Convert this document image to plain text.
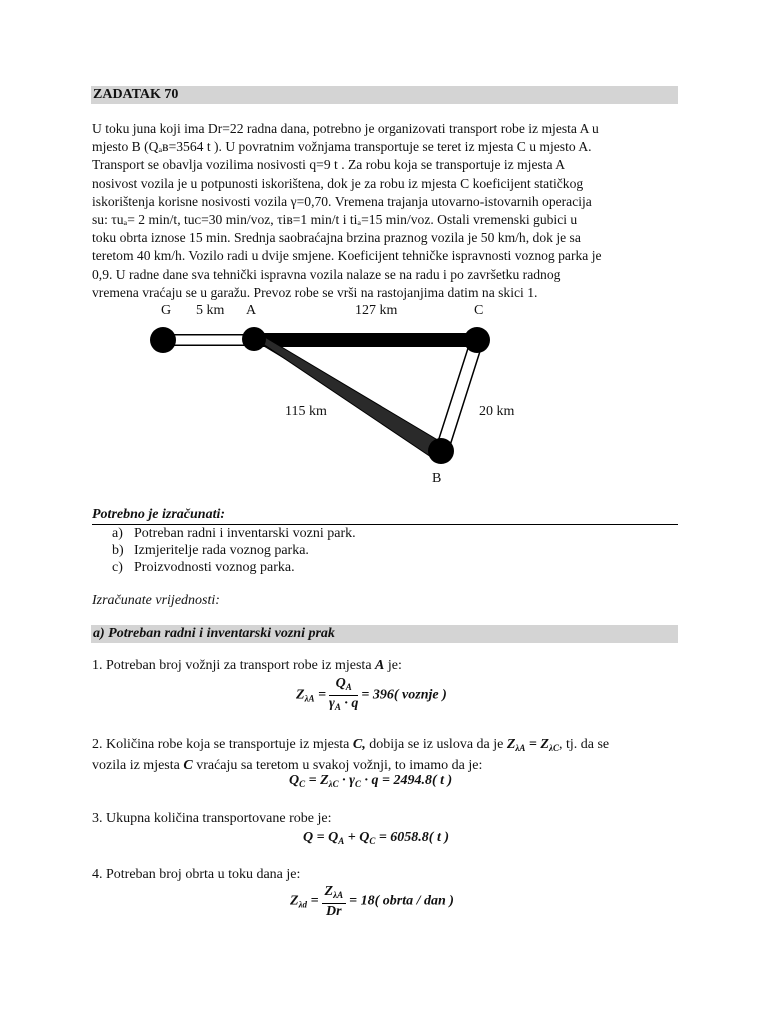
ZADATAK 70
U toku juna koji ima Dr=22 radna dana, potrebno je organizovati transport robe iz mjesta A u
mjesto B (Qₐʙ=3564 t ). U povratnim vožnjama transportuje se teret iz mjesta C u mjesto A.
Transport se obavlja vozilima nosivosti q=9 t . Za robu koja se transportuje iz mjesta A
nosivost vozila je u potpunosti iskorištena, dok je za robu iz mjesta C koeficijent statičkog
iskorištenja korisne nosivosti vozila γ=0,70. Vremena trajanja utovarno-istovarnih operacija
su: τuₐ= 2 min/t, tuᴄ=30 min/voz, τiʙ=1 min/t i tiₐ=15 min/voz. Ostali vremenski gubici u
toku obrta iznose 15 min. Srednja saobraćajna brzina praznog vozila je 50 km/h, dok je sa
teretom 40 km/h. Vozilo radi u dvije smjene. Koeficijent tehničke ispravnosti voznog parka je
0,9. U radne dane sva tehnički ispravna vozila nalaze se na radu i po završetku radnog
vremena vraćaju se u garažu. Prevoz robe se vrši na rastojanjima datim na skici 1.
G	A	C
B
5 km	127 km
115 km	20 km
Potrebno je izračunati:
a) Potreban radni i inventarski vozni park.
b) Izmjeriteljе rada voznog parka.
c) Proizvodnosti voznog parka.
Izračunate vrijednosti:
a) Potreban radni i inventarski vozni prak
1. Potreban broj vožnji za transport robe iz mjesta A je:
$Z_{\lambda A} = \frac{Q_A}{\gamma_A \cdot q} = 396$( voznje )
2. Količina robe koja se transportuje iz mjesta C, dobija se iz uslova da je $Z_{\lambda A} = Z_{\lambda C}$, tj. da se
vozila iz mjesta C vraćaju sa teretom u svakoj vožnji, to imamo da je:
$Q_C = Z_{\lambda C} \cdot \gamma_C \cdot q = 2494.8$( t )
3. Ukupna količina transportovane robe je:
$Q = Q_A + Q_C = 6058.8$( t )
4. Potreban broj obrta u toku dana je:
$Z_{\lambda d} = \frac{Z_{\lambda A}}{Dr} = 18$( obrta / dan )
